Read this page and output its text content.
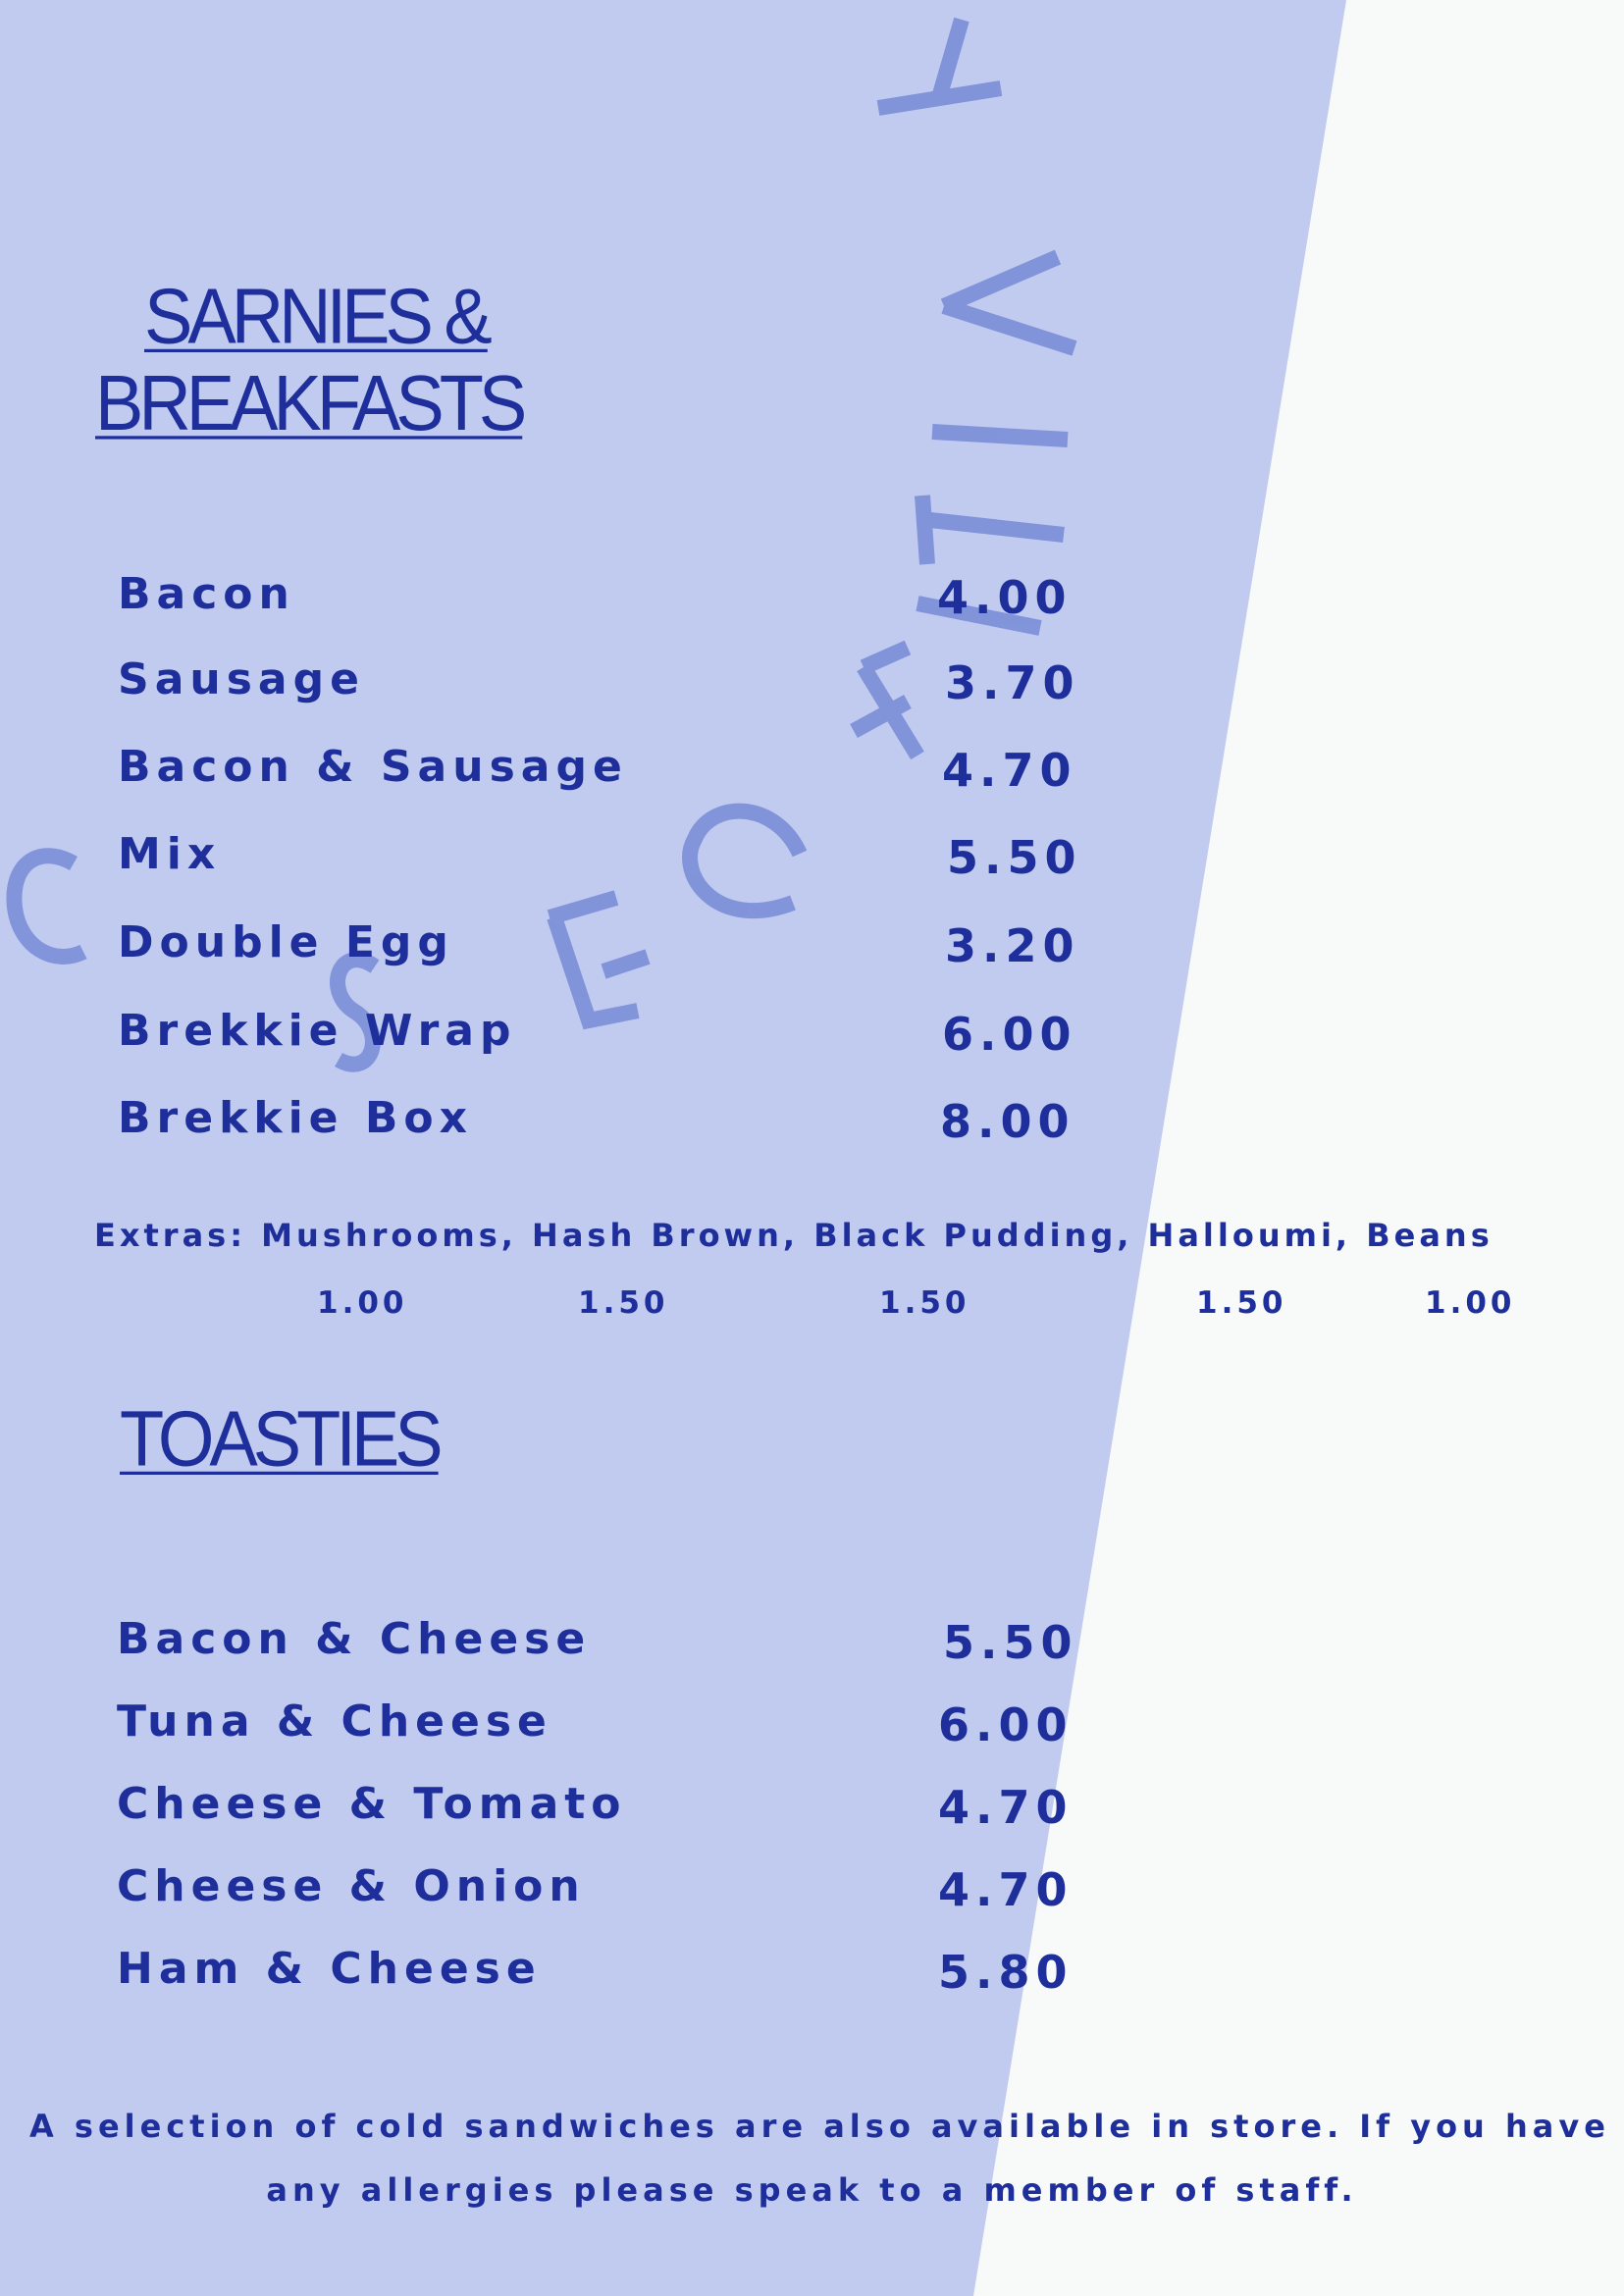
SARNIES &
BREAKFASTS
Bacon	4.00
Sausage	3.70
Bacon & Sausage	4.70
Mix	5.50
Double Egg	3.20
Brekkie Wrap	6.00
Brekkie Box	8.00
Extras: Mushrooms, Hash Brown, Black Pudding, Halloumi, Beans
1.00	1.50	1.50	1.50	1.00
TOASTIES
Bacon & Cheese	5.50
Tuna & Cheese	6.00
Cheese & Tomato	4.70
Cheese & Onion	4.70
Ham & Cheese	5.80
A selection of cold sandwiches are also available in store. If you have
any allergies please speak to a member of staff.
